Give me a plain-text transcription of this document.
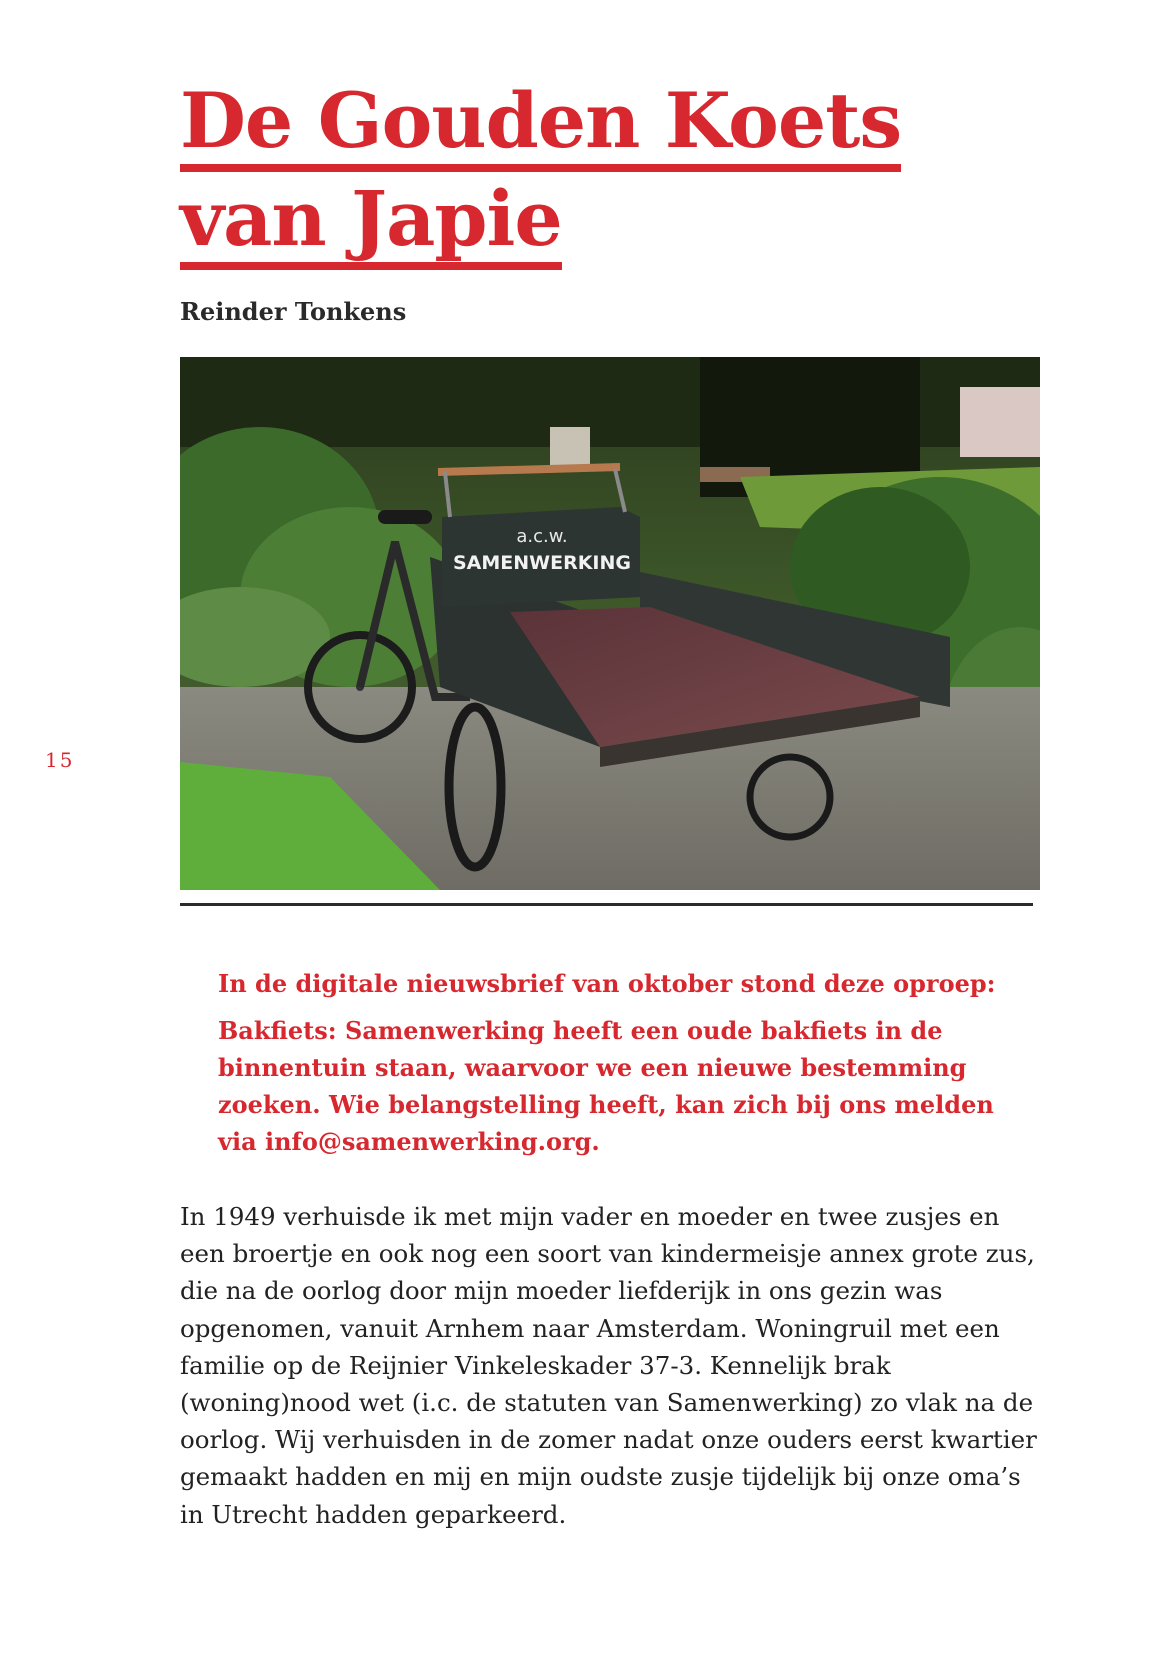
De Gouden Koets
van Japie
Reinder Tonkens
15
a.c.w.
SAMENWERKING

In de digitale nieuwsbrief van oktober stond deze oproep:

Bakfiets: Samenwerking heeft een oude bakfiets in de binnentuin staan, waarvoor we een nieuwe bestemming zoeken. Wie belangstelling heeft, kan zich bij ons melden via info@samenwerking.org.

In 1949 verhuisde ik met mijn vader en moeder en twee zusjes en een broertje en ook nog een soort van kindermeisje annex grote zus, die na de oorlog door mijn moeder liefderijk in ons gezin was opgenomen, vanuit Arnhem naar Amsterdam. Woningruil met een familie op de Reijnier Vinkeleskader 37-3. Kennelijk brak (woning)nood wet (i.c. de statuten van Samenwerking) zo vlak na de oorlog. Wij verhuisden in de zomer nadat onze ouders eerst kwartier gemaakt hadden en mij en mijn oudste zusje tijdelijk bij onze oma’s in Utrecht hadden geparkeerd.
